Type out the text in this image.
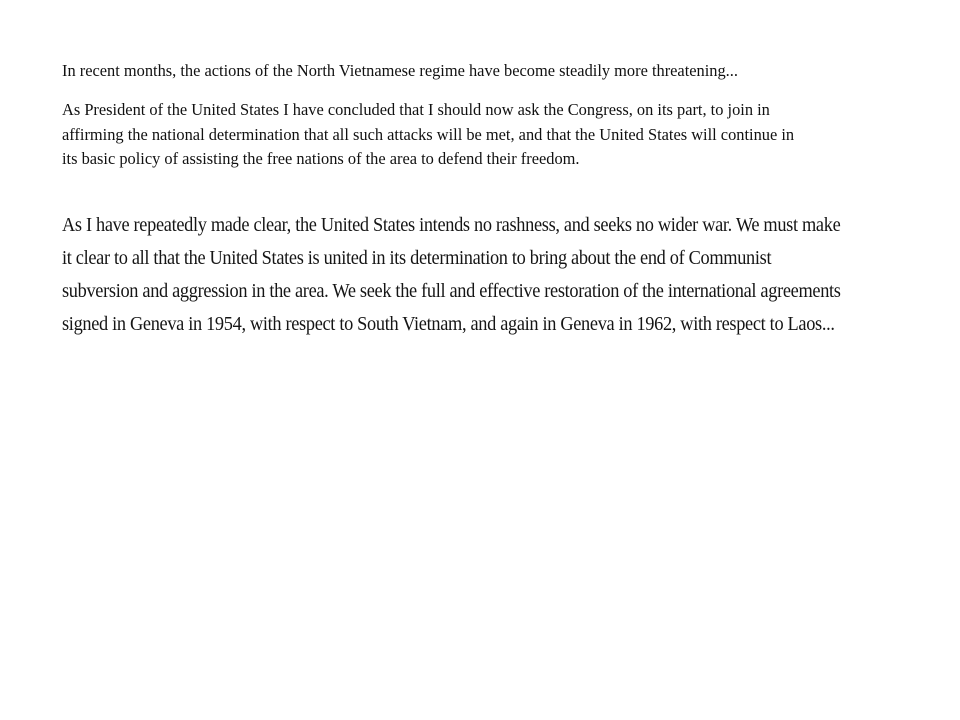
In recent months, the actions of the North Vietnamese regime have become steadily more threatening...

As President of the United States I have concluded that I should now ask the Congress, on its part, to join in
affirming the national determination that all such attacks will be met, and that the United States will continue in
its basic policy of assisting the free nations of the area to defend their freedom.

As I have repeatedly made clear, the United States intends no rashness, and seeks no wider war. We must make
it clear to all that the United States is united in its determination to bring about the end of Communist
subversion and aggression in the area. We seek the full and effective restoration of the international agreements
signed in Geneva in 1954, with respect to South Vietnam, and again in Geneva in 1962, with respect to Laos...
